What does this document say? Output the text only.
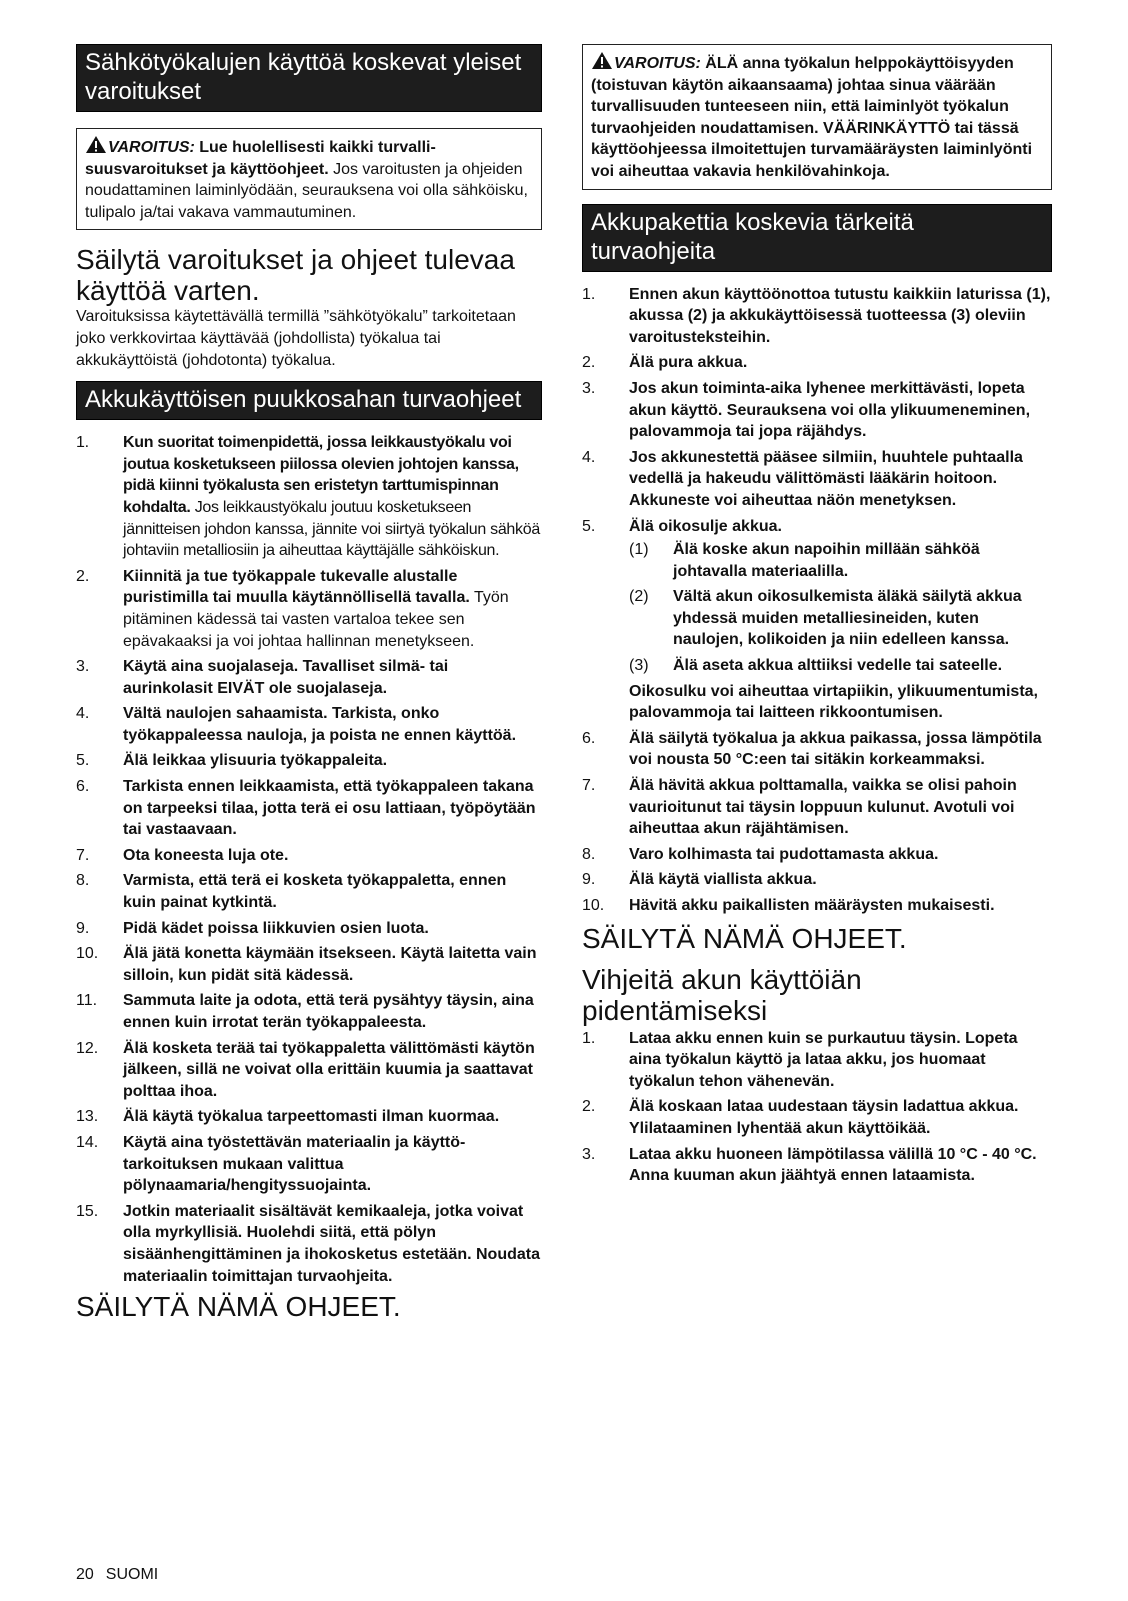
Sähkötyökalujen käyttöä koskevat yleiset varoitukset
VAROITUS: Lue huolellisesti kaikki turvallisuusvaroitukset ja käyttöohjeet. Jos varoitusten ja ohjeiden noudattaminen laiminlyödään, seurauksena voi olla sähköisku, tulipalo ja/tai vakava vammautuminen.
Säilytä varoitukset ja ohjeet tulevaa käyttöä varten.

Varoituksissa käytettävällä termillä ”sähkötyökalu” tarkoitetaan joko verkkovirtaa käyttävää (johdollista) työkalua tai akkukäyttöistä (johdotonta) työkalua.

Akkukäyttöisen puukkosahan turvaohjeet
1. Kun suoritat toimenpidettä, jossa leikkaustyökalu voi joutua kosketukseen piilossa olevien johtojen kanssa, pidä kiinni työkalusta sen eristetyn tarttumispinnan kohdalta. Jos leikkaustyökalu joutuu kosketukseen jännitteisen johdon kanssa, jännite voi siirtyä työkalun sähköä johtaviin metalliosiin ja aiheuttaa käyttäjälle sähköiskun.
2. Kiinnitä ja tue työkappale tukevalle alustalle puristimilla tai muulla käytännöllisellä tavalla. Työn pitäminen kädessä tai vasten vartaloa tekee sen epävakaaksi ja voi johtaa hallinnan menetykseen.
3. Käytä aina suojalaseja. Tavalliset silmä- tai aurinkolasit EIVÄT ole suojalaseja.
4. Vältä naulojen sahaamista. Tarkista, onko työkappaleessa nauloja, ja poista ne ennen käyttöä.
5. Älä leikkaa ylisuuria työkappaleita.
6. Tarkista ennen leikkaamista, että työkappaleen takana on tarpeeksi tilaa, jotta terä ei osu lattiaan, työpöytään tai vastaavaan.
7. Ota koneesta luja ote.
8. Varmista, että terä ei kosketa työkappaletta, ennen kuin painat kytkintä.
9. Pidä kädet poissa liikkuvien osien luota.
10. Älä jätä konetta käymään itsekseen. Käytä laitetta vain silloin, kun pidät sitä kädessä.
11. Sammuta laite ja odota, että terä pysähtyy täysin, aina ennen kuin irrotat terän työkappaleesta.
12. Älä kosketa terää tai työkappaletta välittömästi käytön jälkeen, sillä ne voivat olla erittäin kuumia ja saattavat polttaa ihoa.
13. Älä käytä työkalua tarpeettomasti ilman kuormaa.
14. Käytä aina työstettävän materiaalin ja käyttötarkoituksen mukaan valittua pölynaamaria/hengityssuojainta.
15. Jotkin materiaalit sisältävät kemikaaleja, jotka voivat olla myrkyllisiä. Huolehdi siitä, että pölyn sisäänhengittäminen ja ihokosketus estetään. Noudata materiaalin toimittajan turvaohjeita.
SÄILYTÄ NÄMÄ OHJEET.
VAROITUS: ÄLÄ anna työkalun helppokäyttöisyyden (toistuvan käytön aikaansaama) johtaa sinua väärään turvallisuuden tunteeseen niin, että laiminlyöt työkalun turvaohjeiden noudattamisen. VÄÄRINKÄYTTÖ tai tässä käyttöohjeessa ilmoitettujen turvamääräysten laiminlyönti voi aiheuttaa vakavia henkilövahinkoja.
Akkupakettia koskevia tärkeitä turvaohjeita
1. Ennen akun käyttöönottoa tutustu kaikkiin laturissa (1), akussa (2) ja akkukäyttöisessä tuotteessa (3) oleviin varoitusteksteihin.
2. Älä pura akkua.
3. Jos akun toiminta-aika lyhenee merkittävästi, lopeta akun käyttö. Seurauksena voi olla ylikuumeneminen, palovammoja tai jopa räjähdys.
4. Jos akkunestettä pääsee silmiin, huuhtele puhtaalla vedellä ja hakeudu välittömästi lääkärin hoitoon. Akkuneste voi aiheuttaa näön menetyksen.
5. Älä oikosulje akkua.
(1) Älä koske akun napoihin millään sähköä johtavalla materiaalilla.
(2) Vältä akun oikosulkemista äläkä säilytä akkua yhdessä muiden metalliesineiden, kuten naulojen, kolikoiden ja niin edelleen kanssa.
(3) Älä aseta akkua alttiiksi vedelle tai sateelle.
Oikosulku voi aiheuttaa virtapiikin, ylikuumentumista, palovammoja tai laitteen rikkoontumisen.
6. Älä säilytä työkalua ja akkua paikassa, jossa lämpötila voi nousta 50 °C:een tai sitäkin korkeammaksi.
7. Älä hävitä akkua polttamalla, vaikka se olisi pahoin vaurioitunut tai täysin loppuun kulunut. Avotuli voi aiheuttaa akun räjähtämisen.
8. Varo kolhimasta tai pudottamasta akkua.
9. Älä käytä viallista akkua.
10. Hävitä akku paikallisten määräysten mukaisesti.
SÄILYTÄ NÄMÄ OHJEET.
Vihjeitä akun käyttöiän pidentämiseksi
1. Lataa akku ennen kuin se purkautuu täysin. Lopeta aina työkalun käyttö ja lataa akku, jos huomaat työkalun tehon vähenevän.
2. Älä koskaan lataa uudestaan täysin ladattua akkua. Ylilataaminen lyhentää akun käyttöikää.
3. Lataa akku huoneen lämpötilassa välillä 10 °C - 40 °C. Anna kuuman akun jäähtyä ennen lataamista.
20 SUOMI
